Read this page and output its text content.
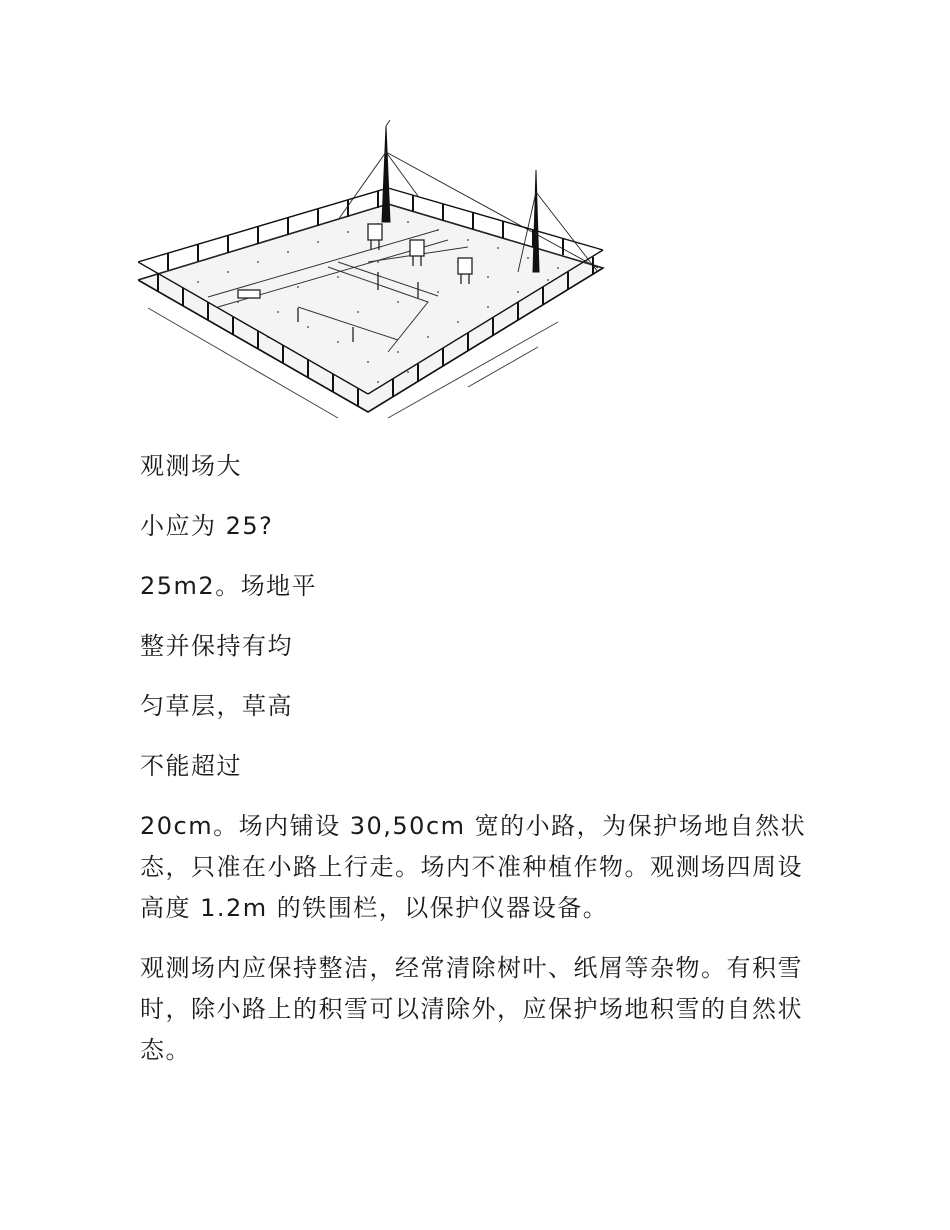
观测场大

小应为 25?

25m2。场地平

整并保持有均

匀草层，草高

不能超过

20cm。场内铺设 30,50cm 宽的小路，为保护场地自然状态，只准在小路上行走。场内不准种植作物。观测场四周设高度 1.2m 的铁围栏，以保护仪器设备。

观测场内应保持整洁，经常清除树叶、纸屑等杂物。有积雪时，除小路上的积雪可以清除外，应保护场地积雪的自然状态。
